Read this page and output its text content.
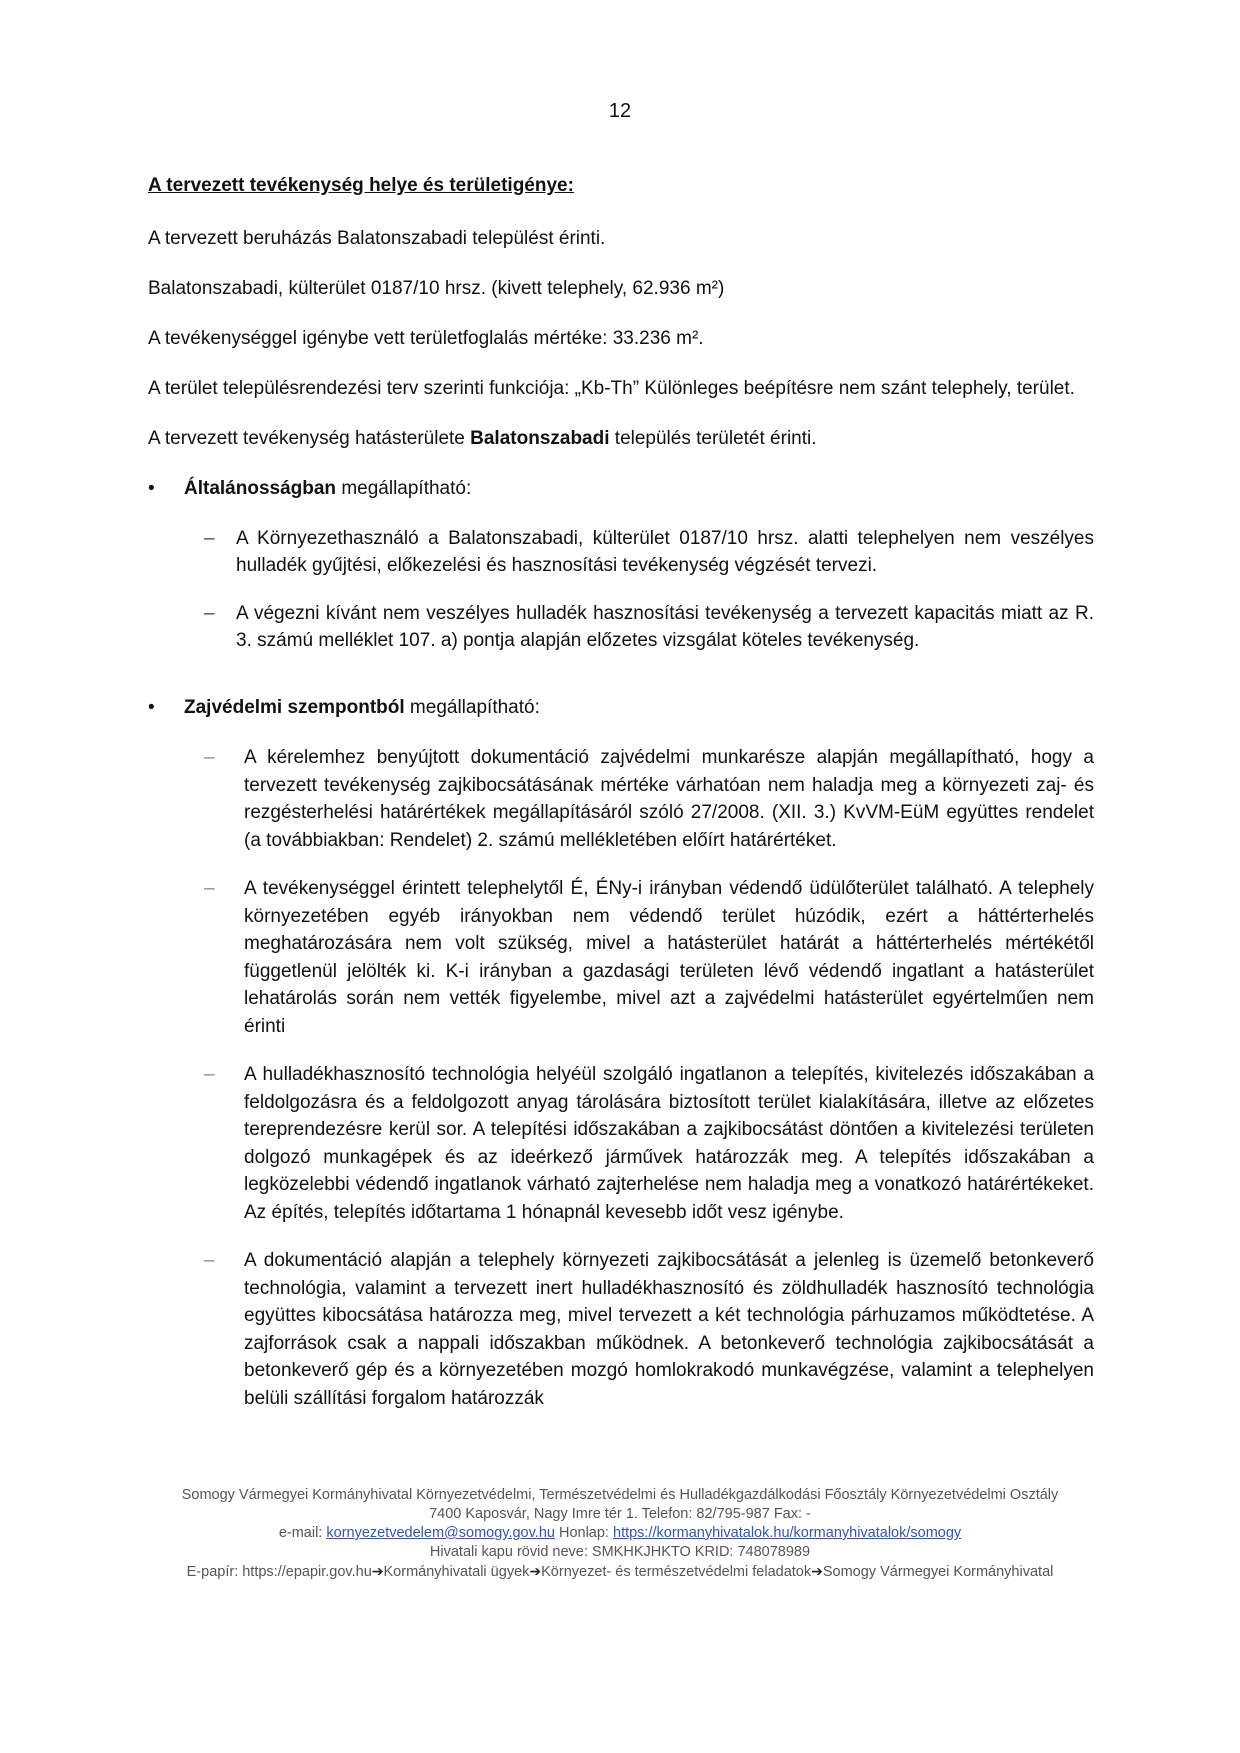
12
A tervezett tevékenység helye és területigénye:

A tervezett beruházás Balatonszabadi települést érinti.

Balatonszabadi, külterület 0187/10 hrsz. (kivett telephely, 62.936 m²)

A tevékenységgel igénybe vett területfoglalás mértéke: 33.236 m².

A terület településrendezési terv szerinti funkciója: „Kb-Th” Különleges beépítésre nem szánt telephely, terület.

A tervezett tevékenység hatásterülete Balatonszabadi település területét érinti.

•	Általánosságban megállapítható:
– A Környezethasználó a Balatonszabadi, külterület 0187/10 hrsz. alatti telephelyen nem veszélyes hulladék gyűjtési, előkezelési és hasznosítási tevékenység végzését tervezi.
– A végezni kívánt nem veszélyes hulladék hasznosítási tevékenység a tervezett kapacitás miatt az R. 3. számú melléklet 107. a) pontja alapján előzetes vizsgálat köteles tevékenység.
•	Zajvédelmi szempontból megállapítható:
– A kérelemhez benyújtott dokumentáció zajvédelmi munkarésze alapján megállapítható, hogy a tervezett tevékenység zajkibocsátásának mértéke várhatóan nem haladja meg a környezeti zaj- és rezgésterhelési határértékek megállapításáról szóló 27/2008. (XII. 3.) KvVM-EüM együttes rendelet (a továbbiakban: Rendelet) 2. számú mellékletében előírt határértéket.
– A tevékenységgel érintett telephelytől É, ÉNy-i irányban védendő üdülőterület található. A telephely környezetében egyéb irányokban nem védendő terület húzódik, ezért a háttérterhelés meghatározására nem volt szükség, mivel a hatásterület határát a háttérterhelés mértékétől függetlenül jelölték ki. K-i irányban a gazdasági területen lévő védendő ingatlant a hatásterület lehatárolás során nem vették figyelembe, mivel azt a zajvédelmi hatásterület egyértelműen nem érinti
– A hulladékhasznosító technológia helyéül szolgáló ingatlanon a telepítés, kivitelezés időszakában a feldolgozásra és a feldolgozott anyag tárolására biztosított terület kialakítására, illetve az előzetes tereprendezésre kerül sor. A telepítési időszakában a zajkibocsátást döntően a kivitelezési területen dolgozó munkagépek és az ideérkező járművek határozzák meg. A telepítés időszakában a legközelebbi védendő ingatlanok várható zajterhelése nem haladja meg a vonatkozó határértékeket. Az építés, telepítés időtartama 1 hónapnál kevesebb időt vesz igénybe.
– A dokumentáció alapján a telephely környezeti zajkibocsátását a jelenleg is üzemelő betonkeverő technológia, valamint a tervezett inert hulladékhasznosító és zöldhulladék hasznosító technológia együttes kibocsátása határozza meg, mivel tervezett a két technológia párhuzamos működtetése. A zajforrások csak a nappali időszakban működnek. A betonkeverő technológia zajkibocsátását a betonkeverő gép és a környezetében mozgó homlokrakodó munkavégzése, valamint a telephelyen belüli szállítási forgalom határozzák
Somogy Vármegyei Kormányhivatal Környezetvédelmi, Természetvédelmi és Hulladékgazdálkodási Főosztály Környezetvédelmi Osztály
7400 Kaposvár, Nagy Imre tér 1. Telefon: 82/795-987 Fax: -
e-mail: kornyezetvedelem@somogy.gov.hu Honlap: https://kormanyhivatalok.hu/kormanyhivatalok/somogy
Hivatali kapu rövid neve: SMKHKJHKTO KRID: 748078989
E-papír: https://epapir.gov.hu➔Kormányhivatali ügyek➔Környezet- és természetvédelmi feladatok➔Somogy Vármegyei Kormányhivatal
